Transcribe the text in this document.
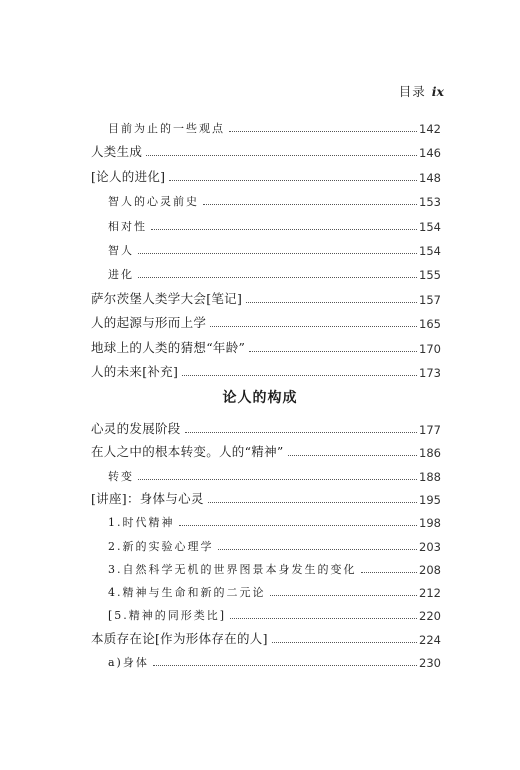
目录 ix
目前为止的一些观点	142
人类生成	146
[论人的进化]	148
智人的心灵前史	153
相对性	154
智人	154
进化	155
萨尔茨堡人类学大会[笔记]	157
人的起源与形而上学	165
地球上的人类的猜想“年龄”	170
人的未来[补充]	173
论人的构成
心灵的发展阶段	177
在人之中的根本转变。人的“精神”	186
转变	188
[讲座]：身体与心灵	195
1.时代精神	198
2.新的实验心理学	203
3.自然科学无机的世界图景本身发生的变化	208
4.精神与生命和新的二元论	212
[5.精神的同形类比]	220
本质存在论[作为形体存在的人]	224
a)身体	230
